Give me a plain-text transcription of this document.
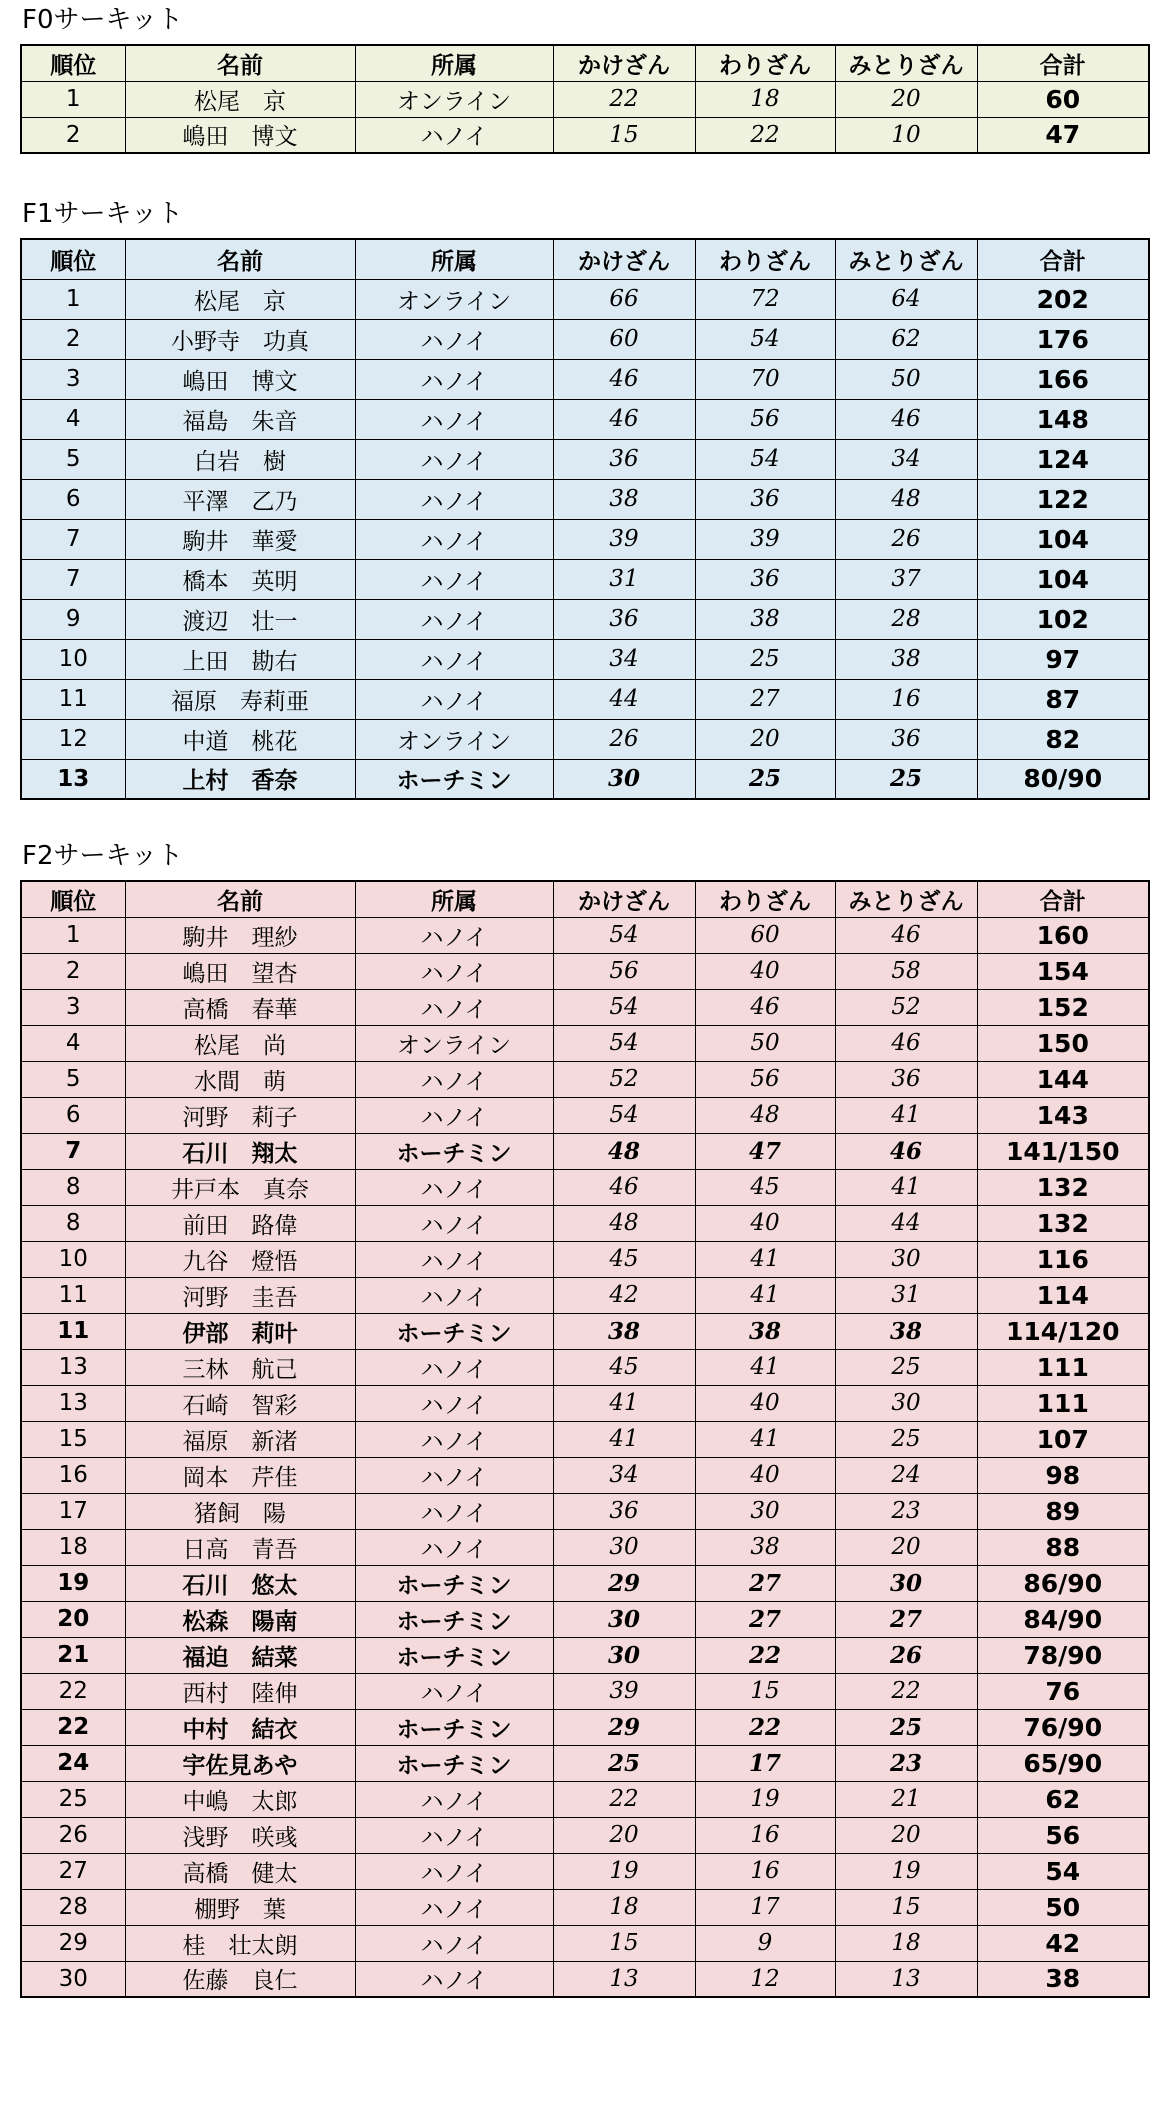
F0サーキット
順位	名前	所属	かけざん	わりざん	みとりざん	合計
1	松尾　京	オンライン	22	18	20	60
2	嶋田　博文	ハノイ	15	22	10	47
F1サーキット
順位	名前	所属	かけざん	わりざん	みとりざん	合計
1	松尾　京	オンライン	66	72	64	202
2	小野寺　功真	ハノイ	60	54	62	176
3	嶋田　博文	ハノイ	46	70	50	166
4	福島　朱音	ハノイ	46	56	46	148
5	白岩　樹	ハノイ	36	54	34	124
6	平澤　乙乃	ハノイ	38	36	48	122
7	駒井　華愛	ハノイ	39	39	26	104
7	橋本　英明	ハノイ	31	36	37	104
9	渡辺　壮一	ハノイ	36	38	28	102
10	上田　勘右	ハノイ	34	25	38	97
11	福原　寿莉亜	ハノイ	44	27	16	87
12	中道　桃花	オンライン	26	20	36	82
13	上村　香奈	ホーチミン	30	25	25	80/90
F2サーキット
順位	名前	所属	かけざん	わりざん	みとりざん	合計
1	駒井　理紗	ハノイ	54	60	46	160
2	嶋田　望杏	ハノイ	56	40	58	154
3	高橋　春華	ハノイ	54	46	52	152
4	松尾　尚	オンライン	54	50	46	150
5	水間　萌	ハノイ	52	56	36	144
6	河野　莉子	ハノイ	54	48	41	143
7	石川　翔太	ホーチミン	48	47	46	141/150
8	井戸本　真奈	ハノイ	46	45	41	132
8	前田　路偉	ハノイ	48	40	44	132
10	九谷　燈悟	ハノイ	45	41	30	116
11	河野　圭吾	ハノイ	42	41	31	114
11	伊部　莉叶	ホーチミン	38	38	38	114/120
13	三林　航己	ハノイ	45	41	25	111
13	石崎　智彩	ハノイ	41	40	30	111
15	福原　新渚	ハノイ	41	41	25	107
16	岡本　芹佳	ハノイ	34	40	24	98
17	猪飼　陽	ハノイ	36	30	23	89
18	日高　青吾	ハノイ	30	38	20	88
19	石川　悠太	ホーチミン	29	27	30	86/90
20	松森　陽南	ホーチミン	30	27	27	84/90
21	福迫　結菜	ホーチミン	30	22	26	78/90
22	西村　陸伸	ハノイ	39	15	22	76
22	中村　結衣	ホーチミン	29	22	25	76/90
24	宇佐見あや	ホーチミン	25	17	23	65/90
25	中嶋　太郎	ハノイ	22	19	21	62
26	浅野　咲彧	ハノイ	20	16	20	56
27	高橋　健太	ハノイ	19	16	19	54
28	棚野　葉	ハノイ	18	17	15	50
29	桂　壮太朗	ハノイ	15	9	18	42
30	佐藤　良仁	ハノイ	13	12	13	38
